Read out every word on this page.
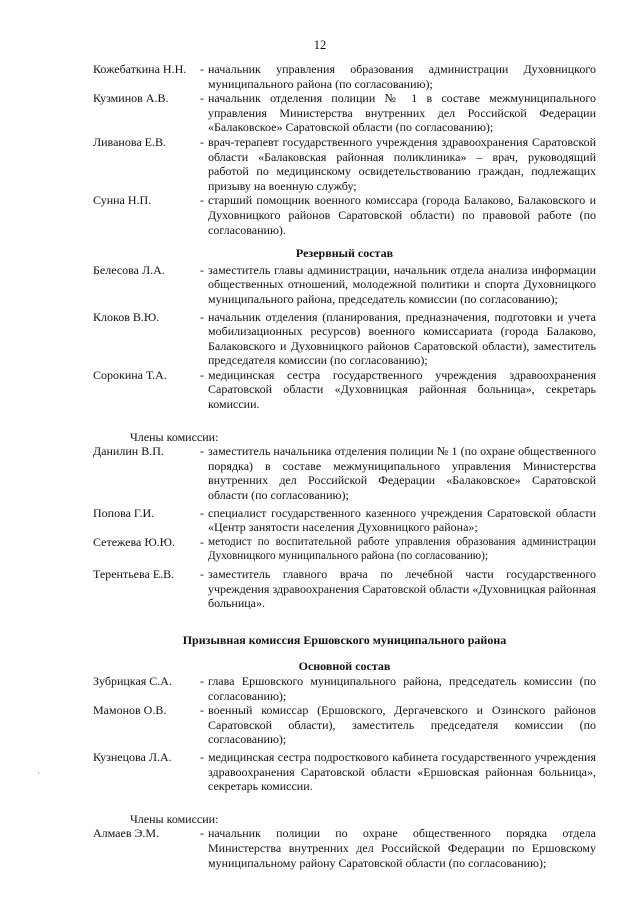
12
Кожебаткина Н.Н.	- начальник управления образования администрации Духовницкого муниципального района (по согласованию);
Кузминов А.В.	- начальник отделения полиции № 1 в составе межмуниципального управления Министерства внутренних дел Российской Федерации «Балаковское» Саратовской области (по согласованию);
Ливанова Е.В.	- врач-терапевт государственного учреждения здравоохранения Саратовской области «Балаковская районная поликлиника» – врач, руководящий работой по медицинскому освидетельствованию граждан, подлежащих призыву на военную службу;
Сунна Н.П.	- старший помощник военного комиссара (города Балаково, Балаковского и Духовницкого районов Саратовской области) по правовой работе (по согласованию).
Резервный состав
Белесова Л.А.	- заместитель главы администрации, начальник отдела анализа информации общественных отношений, молодежной политики и спорта Духовницкого муниципального района, председатель комиссии (по согласованию);
Клоков В.Ю.	- начальник отделения (планирования, предназначения, подготовки и учета мобилизационных ресурсов) военного комиссариата (города Балаково, Балаковского и Духовницкого районов Саратовской области), заместитель председателя комиссии (по согласованию);
Сорокина Т.А.	- медицинская сестра государственного учреждения здравоохранения Саратовской области «Духовницкая районная больница», секретарь комиссии.
Члены комиссии:
Данилин В.П.	- заместитель начальника отделения полиции № 1 (по охране общественного порядка) в составе межмуниципального управления Министерства внутренних дел Российской Федерации «Балаковское» Саратовской области (по согласованию);
Попова Г.И.	- специалист государственного казенного учреждения Саратовской области «Центр занятости населения Духовницкого района»;
Сетежева Ю.Ю.	- методист по воспитательной работе управления образования администрации Духовницкого муниципального района (по согласованию);
Терентьева Е.В.	- заместитель главного врача по лечебной части государственного учреждения здравоохранения Саратовской области «Духовницкая районная больница».
Призывная комиссия Ершовского муниципального района
Основной состав
Зубрицкая С.А.	- глава Ершовского муниципального района, председатель комиссии (по согласованию);
Мамонов О.В.	- военный комиссар (Ершовского, Дергачевского и Озинского районов Саратовской области), заместитель председателя комиссии (по согласованию);
Кузнецова Л.А.	- медицинская сестра подросткового кабинета государственного учреждения здравоохранения Саратовской области «Ершовская районная больница», секретарь комиссии.
Члены комиссии:
Алмаев Э.М.	- начальник полиции по охране общественного порядка отдела Министерства внутренних дел Российской Федерации по Ершовскому муниципальному району Саратовской области (по согласованию);
`
